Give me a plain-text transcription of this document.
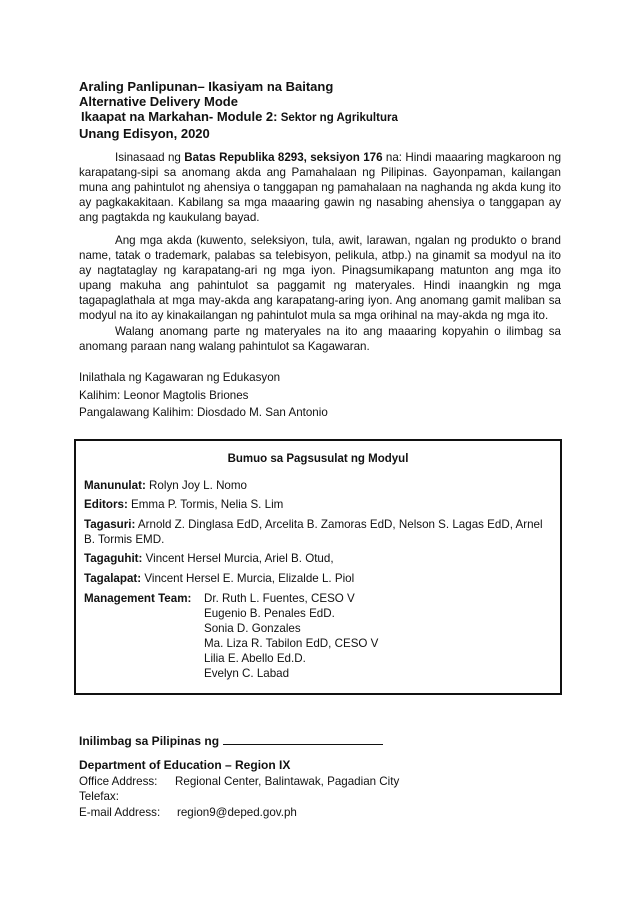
Araling Panlipunan– Ikasiyam na Baitang
Alternative Delivery Mode
Ikaapat na Markahan- Module 2: Sektor ng Agrikultura
Unang Edisyon, 2020

Isinasaad ng Batas Republika 8293, seksiyon 176 na: Hindi maaaring magkaroon ng karapatang-sipi sa anomang akda ang Pamahalaan ng Pilipinas. Gayonpaman, kailangan muna ang pahintulot ng ahensiya o tanggapan ng pamahalaan na naghanda ng akda kung ito ay pagkakakitaan. Kabilang sa mga maaaring gawin ng nasabing ahensiya o tanggapan ay ang pagtakda ng kaukulang bayad.

Ang mga akda (kuwento, seleksiyon, tula, awit, larawan, ngalan ng produkto o brand name, tatak o trademark, palabas sa telebisyon, pelikula, atbp.) na ginamit sa modyul na ito ay nagtataglay ng karapatang-ari ng mga iyon. Pinagsumikapang matunton ang mga ito upang makuha ang pahintulot sa paggamit ng materyales. Hindi inaangkin ng mga tagapaglathala at mga may-akda ang karapatang-aring iyon. Ang anomang gamit maliban sa modyul na ito ay kinakailangan ng pahintulot mula sa mga orihinal na may-akda ng mga ito.

Walang anomang parte ng materyales na ito ang maaaring kopyahin o ilimbag sa anomang paraan nang walang pahintulot sa Kagawaran.

Inilathala ng Kagawaran ng Edukasyon
Kalihim: Leonor Magtolis Briones
Pangalawang Kalihim: Diosdado M. San Antonio
Bumuo sa Pagsusulat ng Modyul
Manunulat: Rolyn Joy L. Nomo
Editors: Emma P. Tormis, Nelia S. Lim
Tagasuri: Arnold Z. Dinglasa EdD, Arcelita B. Zamoras EdD, Nelson S. Lagas EdD, Arnel B. Tormis EMD.
Tagaguhit: Vincent Hersel Murcia, Ariel B. Otud,
Tagalapat: Vincent Hersel E. Murcia, Elizalde L. Piol
Management Team: Dr. Ruth L. Fuentes, CESO V
Eugenio B. Penales EdD.
Sonia D. Gonzales
Ma. Liza R. Tabilon EdD, CESO V
Lilia E. Abello Ed.D.
Evelyn C. Labad
Inilimbag sa Pilipinas ng
Department of Education – Region IX
Office Address: Regional Center, Balintawak, Pagadian City
Telefax:
E-mail Address: region9@deped.gov.ph
